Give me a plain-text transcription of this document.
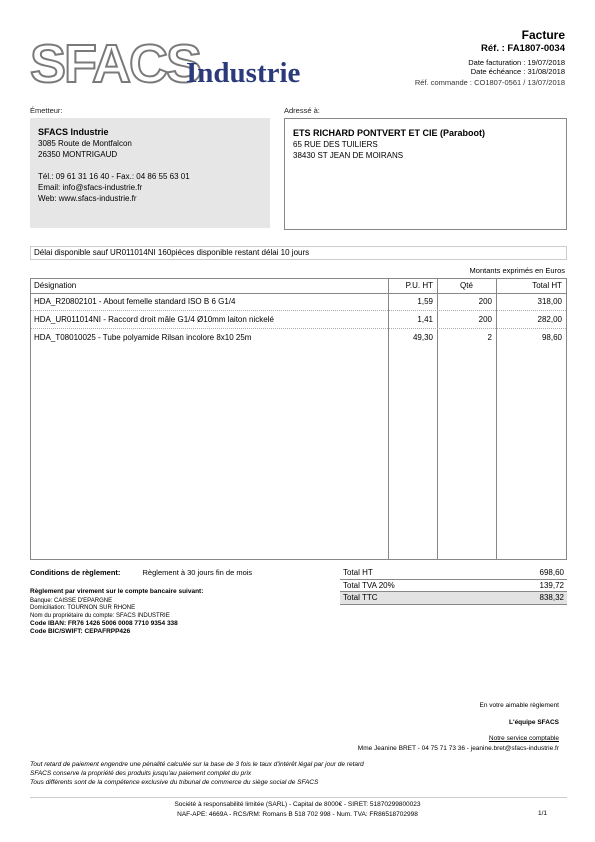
SFACS
Industrie
Facture
Réf. : FA1807-0034
Date facturation : 19/07/2018
Date échéance : 31/08/2018
Réf. commande : CO1807-0561 / 13/07/2018
Émetteur:
SFACS Industrie
3085 Route de Montfalcon
26350 MONTRIGAUD
Tél.: 09 61 31 16 40 - Fax.: 04 86 55 63 01
Email: info@sfacs-industrie.fr
Web: www.sfacs-industrie.fr
Adressé à:
ETS RICHARD PONTVERT ET CIE (Paraboot)
65 RUE DES TUILIERS
38430 ST JEAN DE MOIRANS
Délai disponible sauf UR011014NI 160piéces disponible restant délai 10 jours
Montants exprimés en Euros
Désignation	P.U. HT	Qté	Total HT
HDA_R20802101 - About femelle standard ISO B 6 G1/4	1,59	200	318,00
HDA_UR011014NI - Raccord droit mâle G1/4 Ø10mm laiton nickelé	1,41	200	282,00
HDA_T08010025 - Tube polyamide Rilsan incolore 8x10 25m	49,30	2	98,60
Conditions de règlement:	Règlement à 30 jours fin de mois
Règlement par virement sur le compte bancaire suivant:
Banque: CAISSE D'EPARGNE
Domiciliation: TOURNON SUR RHONE
Nom du propriétaire du compte: SFACS INDUSTRIE
Code IBAN: FR76 1426 5006 0008 7710 9354 338
Code BIC/SWIFT: CEPAFRPP426
Total HT	698,60
Total TVA 20%	139,72
Total TTC	838,32
En votre aimable règlement
L'équipe SFACS
Notre service comptable
Mme Jeanine BRET - 04 75 71 73 36 - jeanine.bret@sfacs-industrie.fr
Tout retard de paiement engendre une pénalité calculée sur la base de 3 fois le taux d'intérêt légal par jour de retard
SFACS conserve la propriété des produits jusqu'au paiement complet du prix
Tous différents sont de la compétence exclusive du tribunal de commerce du siège social de SFACS
Société à responsabilité limitée (SARL) - Capital de 8000€ - SIRET: 51870299800023
NAF-APE: 4669A - RCS/RM: Romans B 518 702 998 - Num. TVA: FR86518702998	1/1
